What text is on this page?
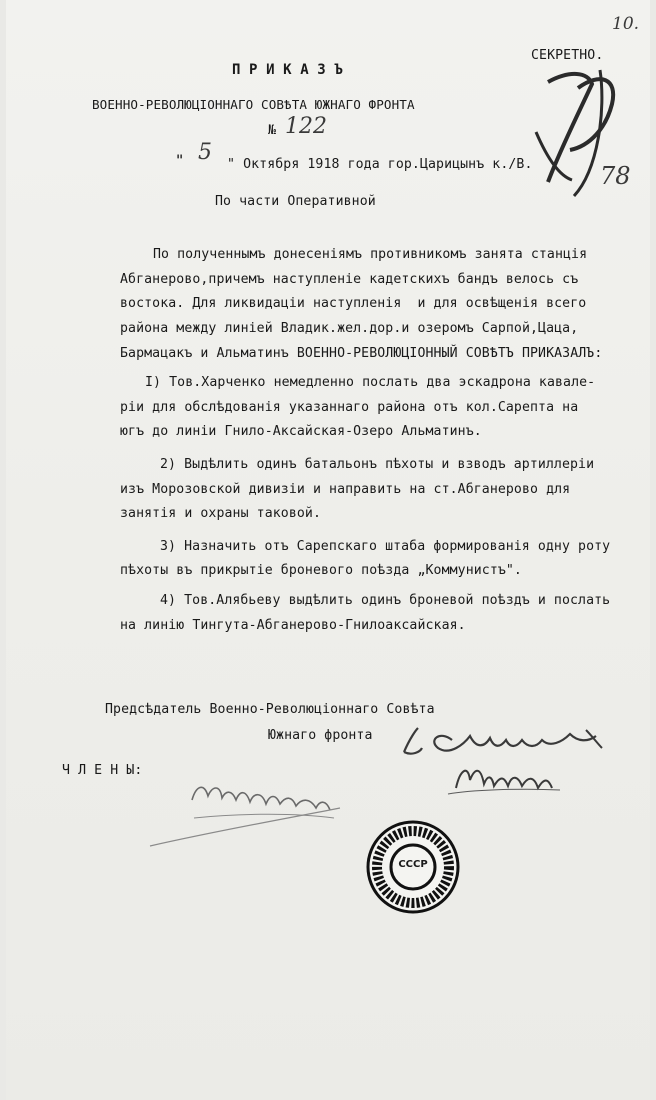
10.
СЕКРЕТНО.
П Р И К А З Ъ
ВОЕННО-РЕВОЛЮЦIОННАГО СОВѢТА ЮЖНАГО ФРОНТА
№ 122
" 5 " Октября 1918 года гор.Царицынъ к./В.	78
По части Оперативной
По полученнымъ донесенiямъ противникомъ занята станцiя
Абганерово,причемъ наступленiе кадетскихъ бандъ велось съ
востока. Для ликвидацiи наступленiя  и для освѣщенiя всего
района между линiей Владик.жел.дор.и озеромъ Сарпой,Цаца,
Бармацакъ и Альматинъ ВОЕННО-РЕВОЛЮЦIОННЫЙ СОВѢТЪ ПРИКАЗАЛЪ:
I) Тов.Харченко немедленно послать два эскадрона кавале-
рiи для обслѣдованiя указаннаго района отъ кол.Сарепта на
югъ до линiи Гнило-Аксайская-Озеро Альматинъ.
2) Выдѣлить одинъ батальонъ пѣхоты и взводъ артиллерiи
изъ Морозовской дивизiи и направить на ст.Абганерово для
занятiя и охраны таковой.
3) Назначить отъ Сарепскаго штаба формированiя одну роту
пѣхоты въ прикрытiе броневого поѣзда „Коммунистъ".
4) Тов.Алябьеву выдѣлить одинъ броневой поѣздъ и послать
на линiю Тингута-Абганерово-Гнилоаксайская.
Предсѣдатель Военно-Революцiоннаго Совѣта
Южнаго фронта
Ч Л Е Н Ы:
СССР
